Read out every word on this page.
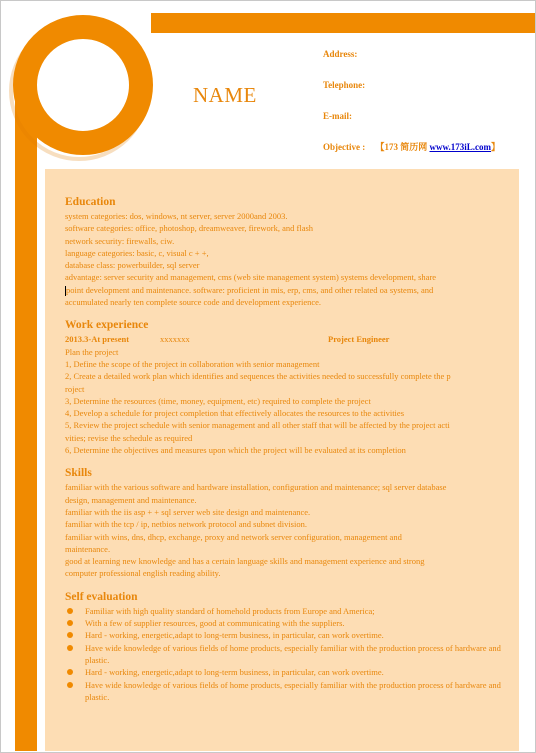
NAME
Address:
Telephone:
E-mail:
Objective : 【173 简历网 www.173iL.com】
Education
system categories: dos, windows, nt server, server 2000and 2003.
software categories: office, photoshop, dreamweaver, firework, and flash
network security: firewalls, ciw.
language categories: basic, c, visual c + +,
database class: powerbuilder, sql server
advantage: server security and management, cms (web site management system) systems development, share
point development and maintenance. software: proficient in mis, erp, cms, and other related oa systems, and
accumulated nearly ten complete source code and development experience.
Work experience
2013.3-At present	xxxxxxx	Project Engineer
Plan the project
1, Define the scope of the project in collaboration with senior management
2, Create a detailed work plan which identifies and sequences the activities needed to successfully complete the p
roject
3, Determine the resources (time, money, equipment, etc) required to complete the project
4, Develop a schedule for project completion that effectively allocates the resources to the activities
5, Review the project schedule with senior management and all other staff that will be affected by the project acti
vities; revise the schedule as required
6, Determine the objectives and measures upon which the project will be evaluated at its completion
Skills
familiar with the various software and hardware installation, configuration and maintenance; sql server database
design, management and maintenance.
familiar with the iis asp + + sql server web site design and maintenance.
familiar with the tcp / ip, netbios network protocol and subnet division.
familiar with wins, dns, dhcp, exchange, proxy and network server configuration, management and
maintenance.
good at learning new knowledge and has a certain language skills and management experience and strong
computer professional english reading ability.
Self evaluation
Familiar with high quality standard of homehold products from Europe and America;
With a few of supplier resources, good at communicating with the suppliers.
Hard - working, energetic,adapt to long-term business, in particular, can work overtime.
Have wide knowledge of various fields of home products, especially familiar with the production process of hardware and plastic.
Hard - working, energetic,adapt to long-term business, in particular, can work overtime.
Have wide knowledge of various fields of home products, especially familiar with the production process of hardware and plastic.
